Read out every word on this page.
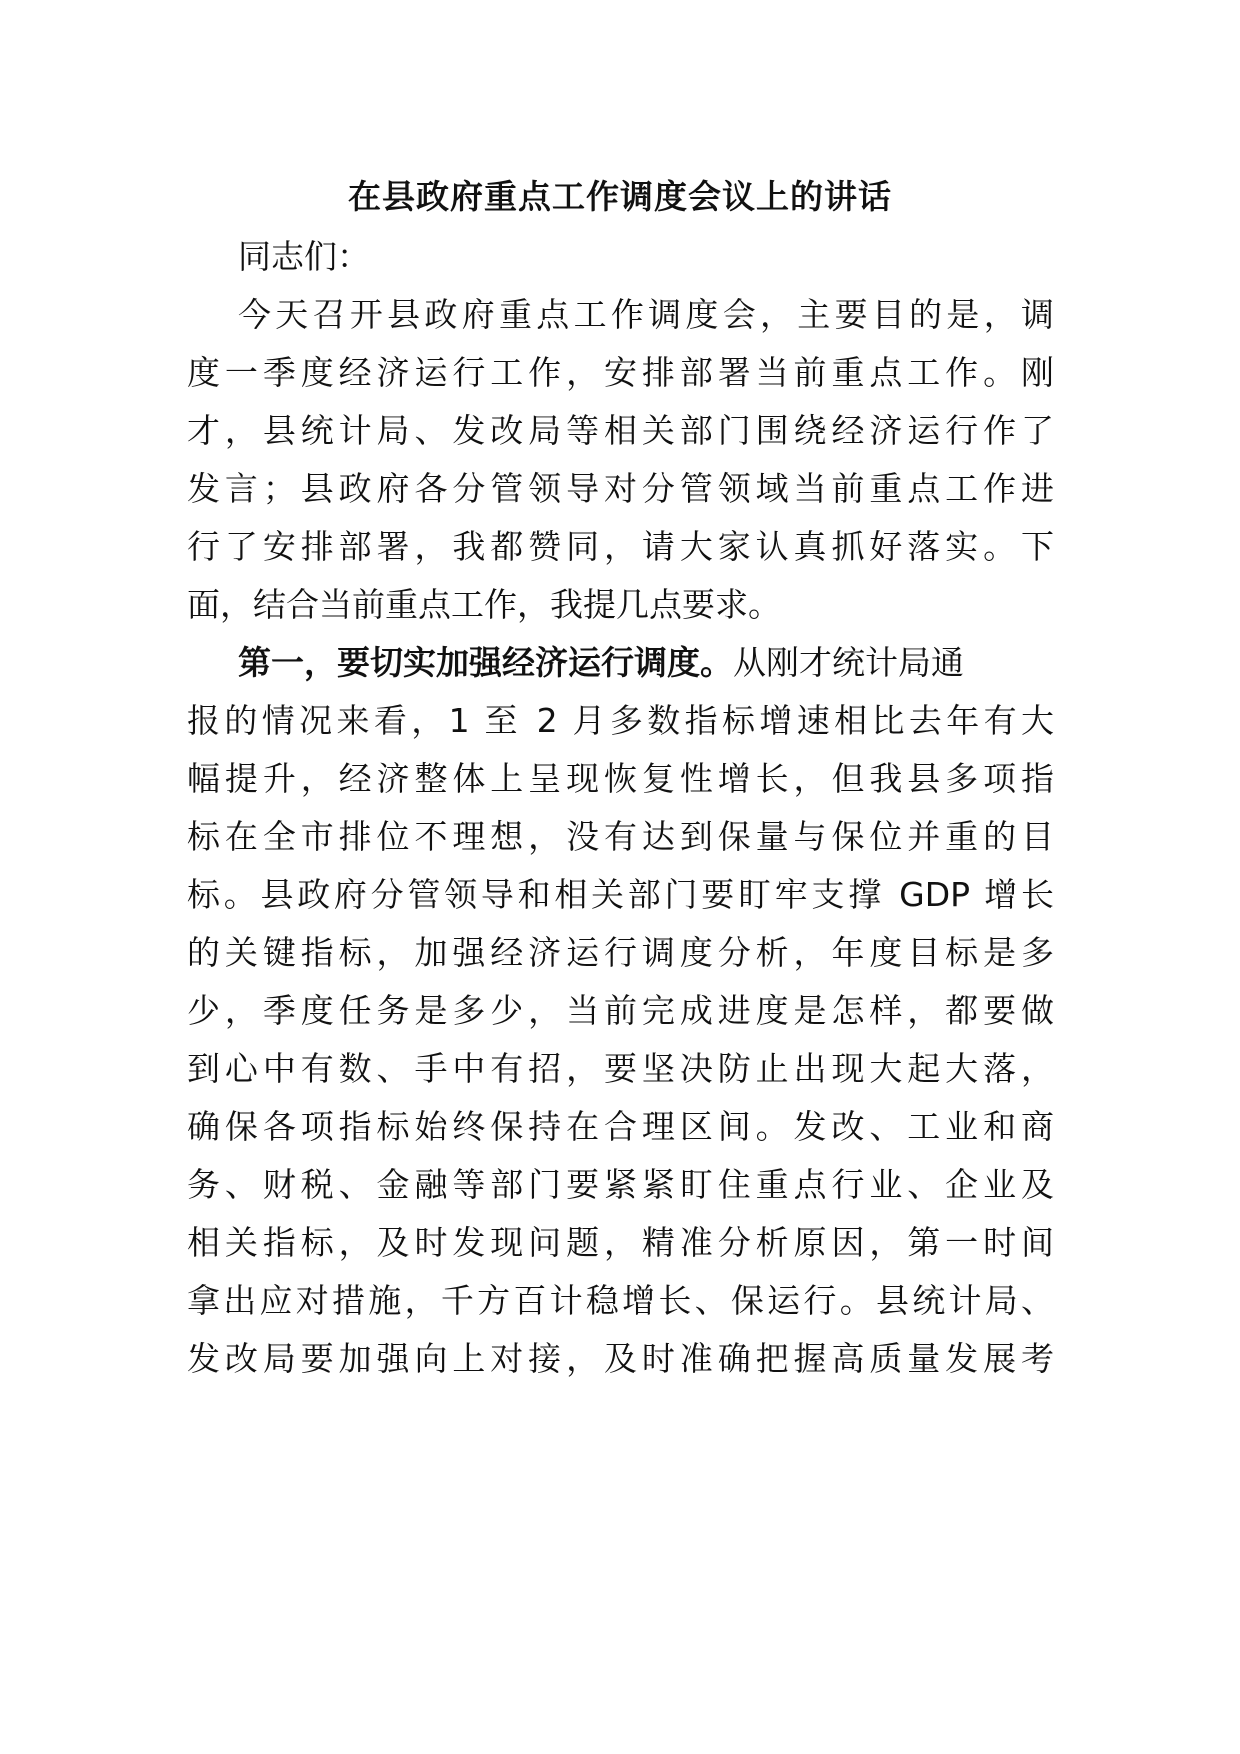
在县政府重点工作调度会议上的讲话
同志们：
今天召开县政府重点工作调度会，主要目的是，调
度一季度经济运行工作，安排部署当前重点工作。刚
才，县统计局、发改局等相关部门围绕经济运行作了
发言；县政府各分管领导对分管领域当前重点工作进
行了安排部署，我都赞同，请大家认真抓好落实。下
面，结合当前重点工作，我提几点要求。
第一，要切实加强经济运行调度。从刚才统计局通
报的情况来看，1 至 2 月多数指标增速相比去年有大
幅提升，经济整体上呈现恢复性增长，但我县多项指
标在全市排位不理想，没有达到保量与保位并重的目
标。县政府分管领导和相关部门要盯牢支撑 GDP 增长
的关键指标，加强经济运行调度分析，年度目标是多
少，季度任务是多少，当前完成进度是怎样，都要做
到心中有数、手中有招，要坚决防止出现大起大落，
确保各项指标始终保持在合理区间。发改、工业和商
务、财税、金融等部门要紧紧盯住重点行业、企业及
相关指标，及时发现问题，精准分析原因，第一时间
拿出应对措施，千方百计稳增长、保运行。县统计局、
发改局要加强向上对接，及时准确把握高质量发展考
